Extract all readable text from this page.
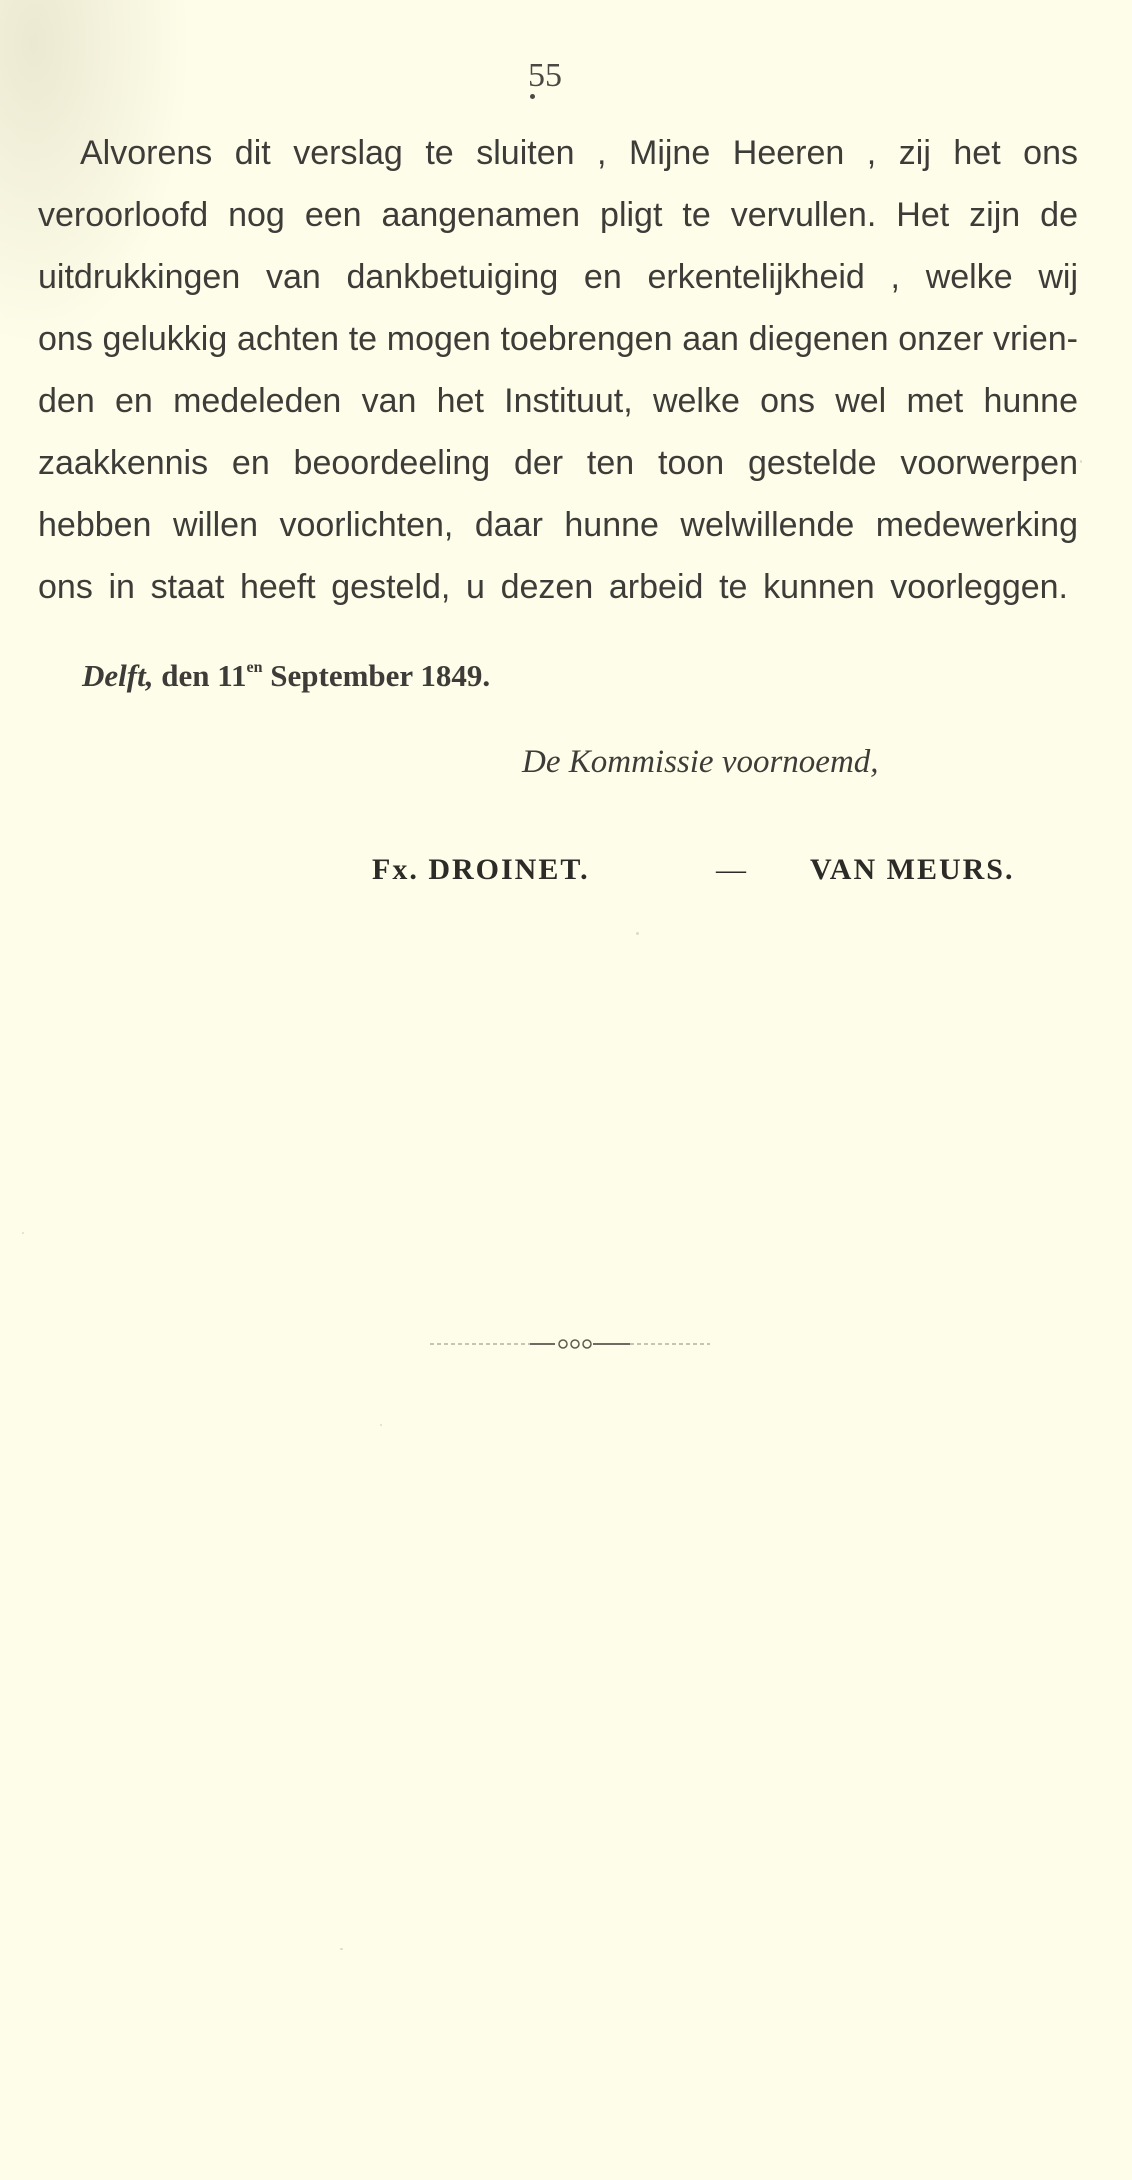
55
Alvorens dit verslag te sluiten , Mijne Heeren , zij het ons
veroorloofd nog een aangenamen pligt te vervullen. Het zijn de
uitdrukkingen van dankbetuiging en erkentelijkheid , welke wij
ons gelukkig achten te mogen toebrengen aan diegenen onzer vrien-
den en medeleden van het Instituut, welke ons wel met hunne
zaakkennis en beoordeeling der ten toon gestelde voorwerpen
hebben willen voorlichten, daar hunne welwillende medewerking
ons in staat heeft gesteld, u dezen arbeid te kunnen voorleggen.
Delft, den $11^{en}$ September 1849.
De Kommissie voornoemd,
Fx. DROINET.	— VAN MEURS.
